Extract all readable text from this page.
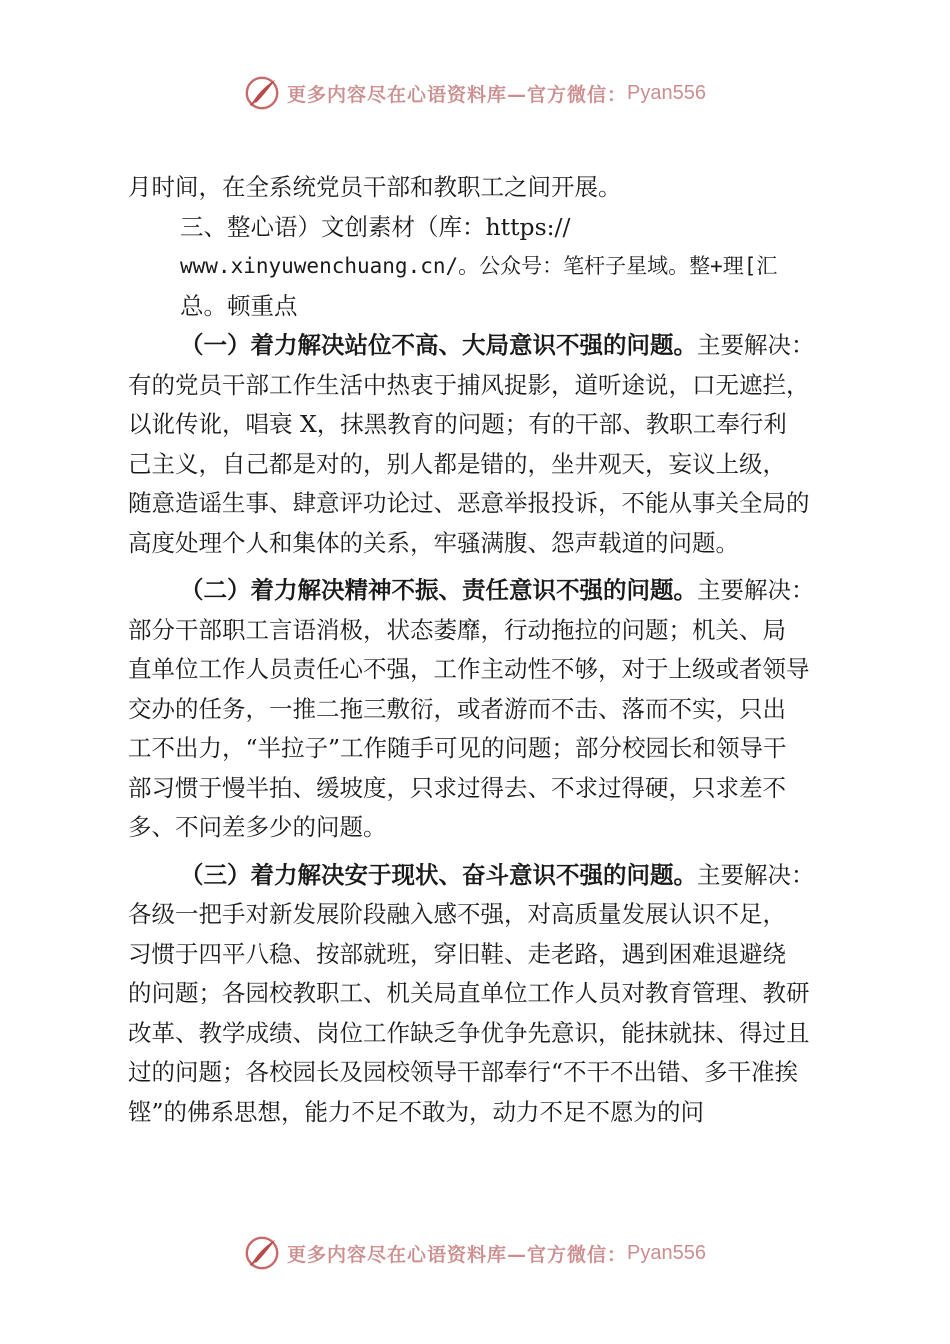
更多内容尽在心语资料库—官方微信： Pyan556
月时间，在全系统党员干部和教职工之间开展。
三、整心语）文创素材（库：https://
www.xinyuwenchuang.cn/。公众号：笔杆子星域。整+理[汇
总。顿重点
（一）着力解决站位不高、大局意识不强的问题。主要解决：
有的党员干部工作生活中热衷于捕风捉影，道听途说，口无遮拦，
以讹传讹，唱衰 X，抹黑教育的问题；有的干部、教职工奉行利
己主义，自己都是对的，别人都是错的，坐井观天，妄议上级，
随意造谣生事、肆意评功论过、恶意举报投诉，不能从事关全局的
高度处理个人和集体的关系，牢骚满腹、怨声载道的问题。
（二）着力解决精神不振、责任意识不强的问题。主要解决：
部分干部职工言语消极，状态萎靡，行动拖拉的问题；机关、局
直单位工作人员责任心不强，工作主动性不够，对于上级或者领导
交办的任务，一推二拖三敷衍，或者游而不击、落而不实，只出
工不出力，“半拉子”工作随手可见的问题；部分校园长和领导干
部习惯于慢半拍、缓坡度，只求过得去、不求过得硬，只求差不
多、不问差多少的问题。
（三）着力解决安于现状、奋斗意识不强的问题。主要解决：
各级一把手对新发展阶段融入感不强，对高质量发展认识不足，
习惯于四平八稳、按部就班，穿旧鞋、走老路，遇到困难退避绕
的问题；各园校教职工、机关局直单位工作人员对教育管理、教研
改革、教学成绩、岗位工作缺乏争优争先意识，能抹就抹、得过且
过的问题；各校园长及园校领导干部奉行“不干不出错、多干准挨
铿”的佛系思想，能力不足不敢为，动力不足不愿为的问
更多内容尽在心语资料库—官方微信： Pyan556
